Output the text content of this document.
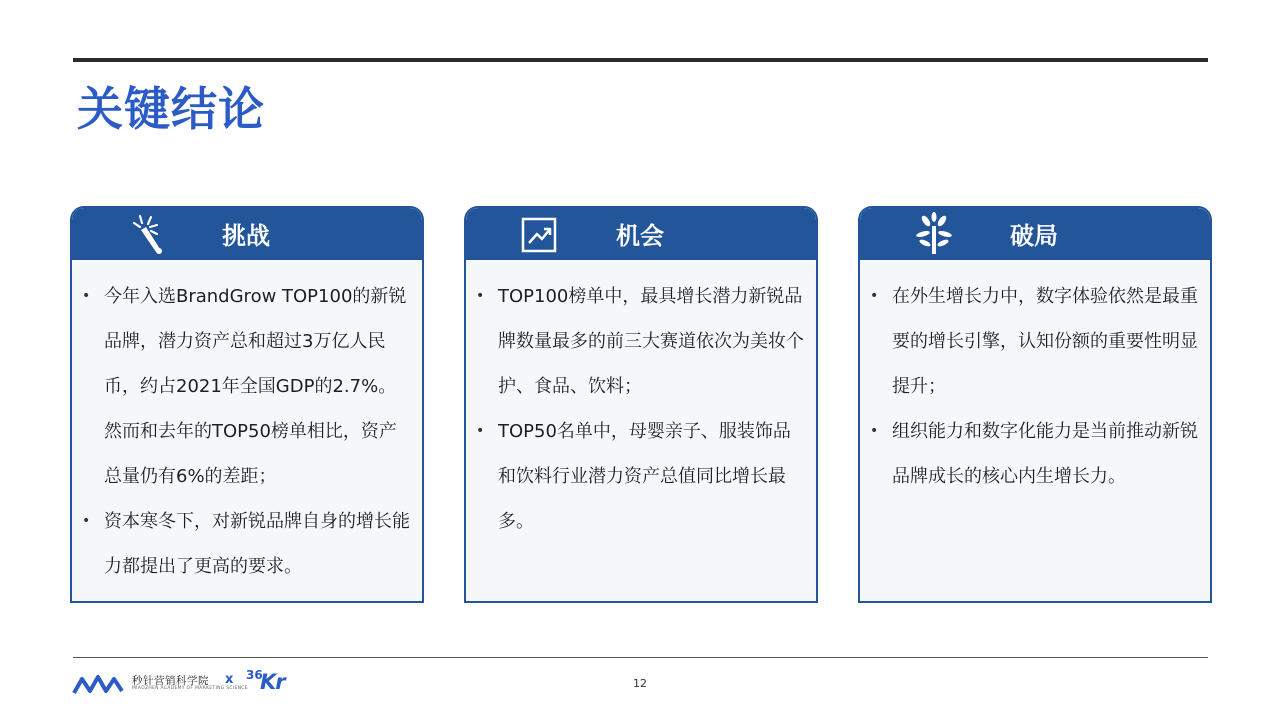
关键结论
挑战
• 今年入选BrandGrow TOP100的新锐品牌，潜力资产总和超过3万亿人民币，约占2021年全国GDP的2.7%。然而和去年的TOP50榜单相比，资产总量仍有6%的差距；
• 资本寒冬下，对新锐品牌自身的增长能力都提出了更高的要求。
机会
• TOP100榜单中，最具增长潜力新锐品牌数量最多的前三大赛道依次为美妆个护、食品、饮料；
• TOP50名单中，母婴亲子、服装饰品和饮料行业潜力资产总值同比增长最多。
破局
• 在外生增长力中，数字体验依然是最重要的增长引擎，认知份额的重要性明显提升；
• 组织能力和数字化能力是当前推动新锐品牌成长的核心内生增长力。
秒针营销科学院
MIAOZHEN ACADEMY OF MARKETING SCIENCE
x 36
Kr	12
